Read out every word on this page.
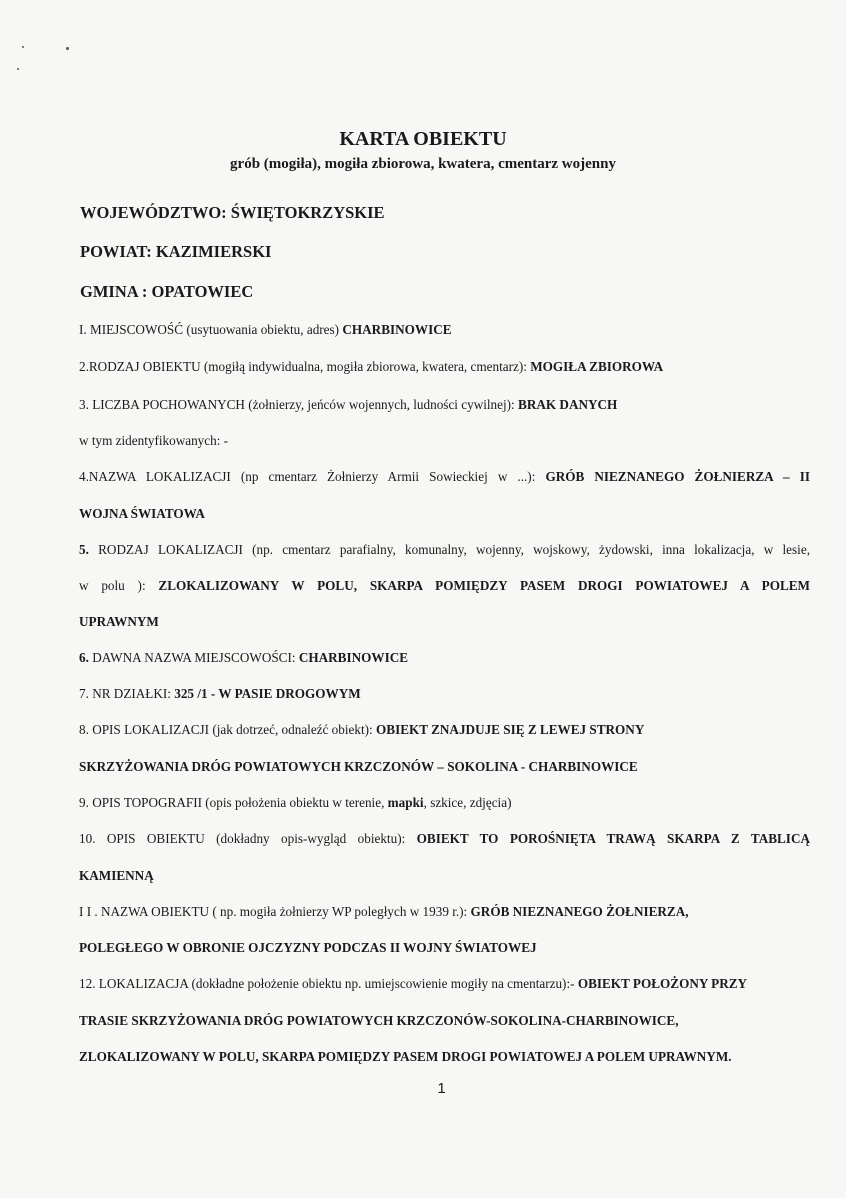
KARTA OBIEKTU
grób (mogiła), mogiła zbiorowa, kwatera, cmentarz wojenny
WOJEWÓDZTWO: ŚWIĘTOKRZYSKIE
POWIAT: KAZIMIERSKI
GMINA : OPATOWIEC
I. MIEJSCOWOŚĆ (usytuowania obiektu, adres) CHARBINOWICE
2.RODZAJ OBIEKTU (mogiłą indywidualna, mogiła zbiorowa, kwatera, cmentarz): MOGIŁA ZBIOROWA
3. LICZBA POCHOWANYCH (żołnierzy, jeńców wojennych, ludności cywilnej): BRAK DANYCH
w tym zidentyfikowanych: -
4.NAZWA LOKALIZACJI (np cmentarz Żołnierzy Armii Sowieckiej w ...): GRÓB NIEZNANEGO ŻOŁNIERZA – II
WOJNA ŚWIATOWA
5. RODZAJ LOKALIZACJI (np. cmentarz parafialny, komunalny, wojenny, wojskowy, żydowski, inna lokalizacja, w lesie,
w polu ): ZLOKALIZOWANY W POLU, SKARPA POMIĘDZY PASEM DROGI POWIATOWEJ A POLEM
UPRAWNYM
6. DAWNA NAZWA MIEJSCOWOŚCI: CHARBINOWICE
7. NR DZIAŁKI: 325 /1 - W PASIE DROGOWYM
8. OPIS LOKALIZACJI (jak dotrzeć, odnaleźć obiekt): OBIEKT ZNAJDUJE SIĘ Z LEWEJ STRONY
SKRZYŻOWANIA DRÓG POWIATOWYCH KRZCZONÓW – SOKOLINA - CHARBINOWICE
9. OPIS TOPOGRAFII (opis położenia obiektu w terenie, mapki, szkice, zdjęcia)
10. OPIS OBIEKTU (dokładny opis-wygląd obiektu): OBIEKT TO POROŚNIĘTA TRAWĄ SKARPA Z TABLICĄ
KAMIENNĄ
I I . NAZWA OBIEKTU ( np. mogiła żołnierzy WP poległych w 1939 r.): GRÓB NIEZNANEGO ŻOŁNIERZA,
POLEGŁEGO W OBRONIE OJCZYZNY PODCZAS II WOJNY ŚWIATOWEJ
12. LOKALIZACJA (dokładne położenie obiektu np. umiejscowienie mogiły na cmentarzu):- OBIEKT POŁOŻONY PRZY
TRASIE SKRZYŻOWANIA DRÓG POWIATOWYCH KRZCZONÓW-SOKOLINA-CHARBINOWICE,
ZLOKALIZOWANY W POLU, SKARPA POMIĘDZY PASEM DROGI POWIATOWEJ A POLEM UPRAWNYM.
1
